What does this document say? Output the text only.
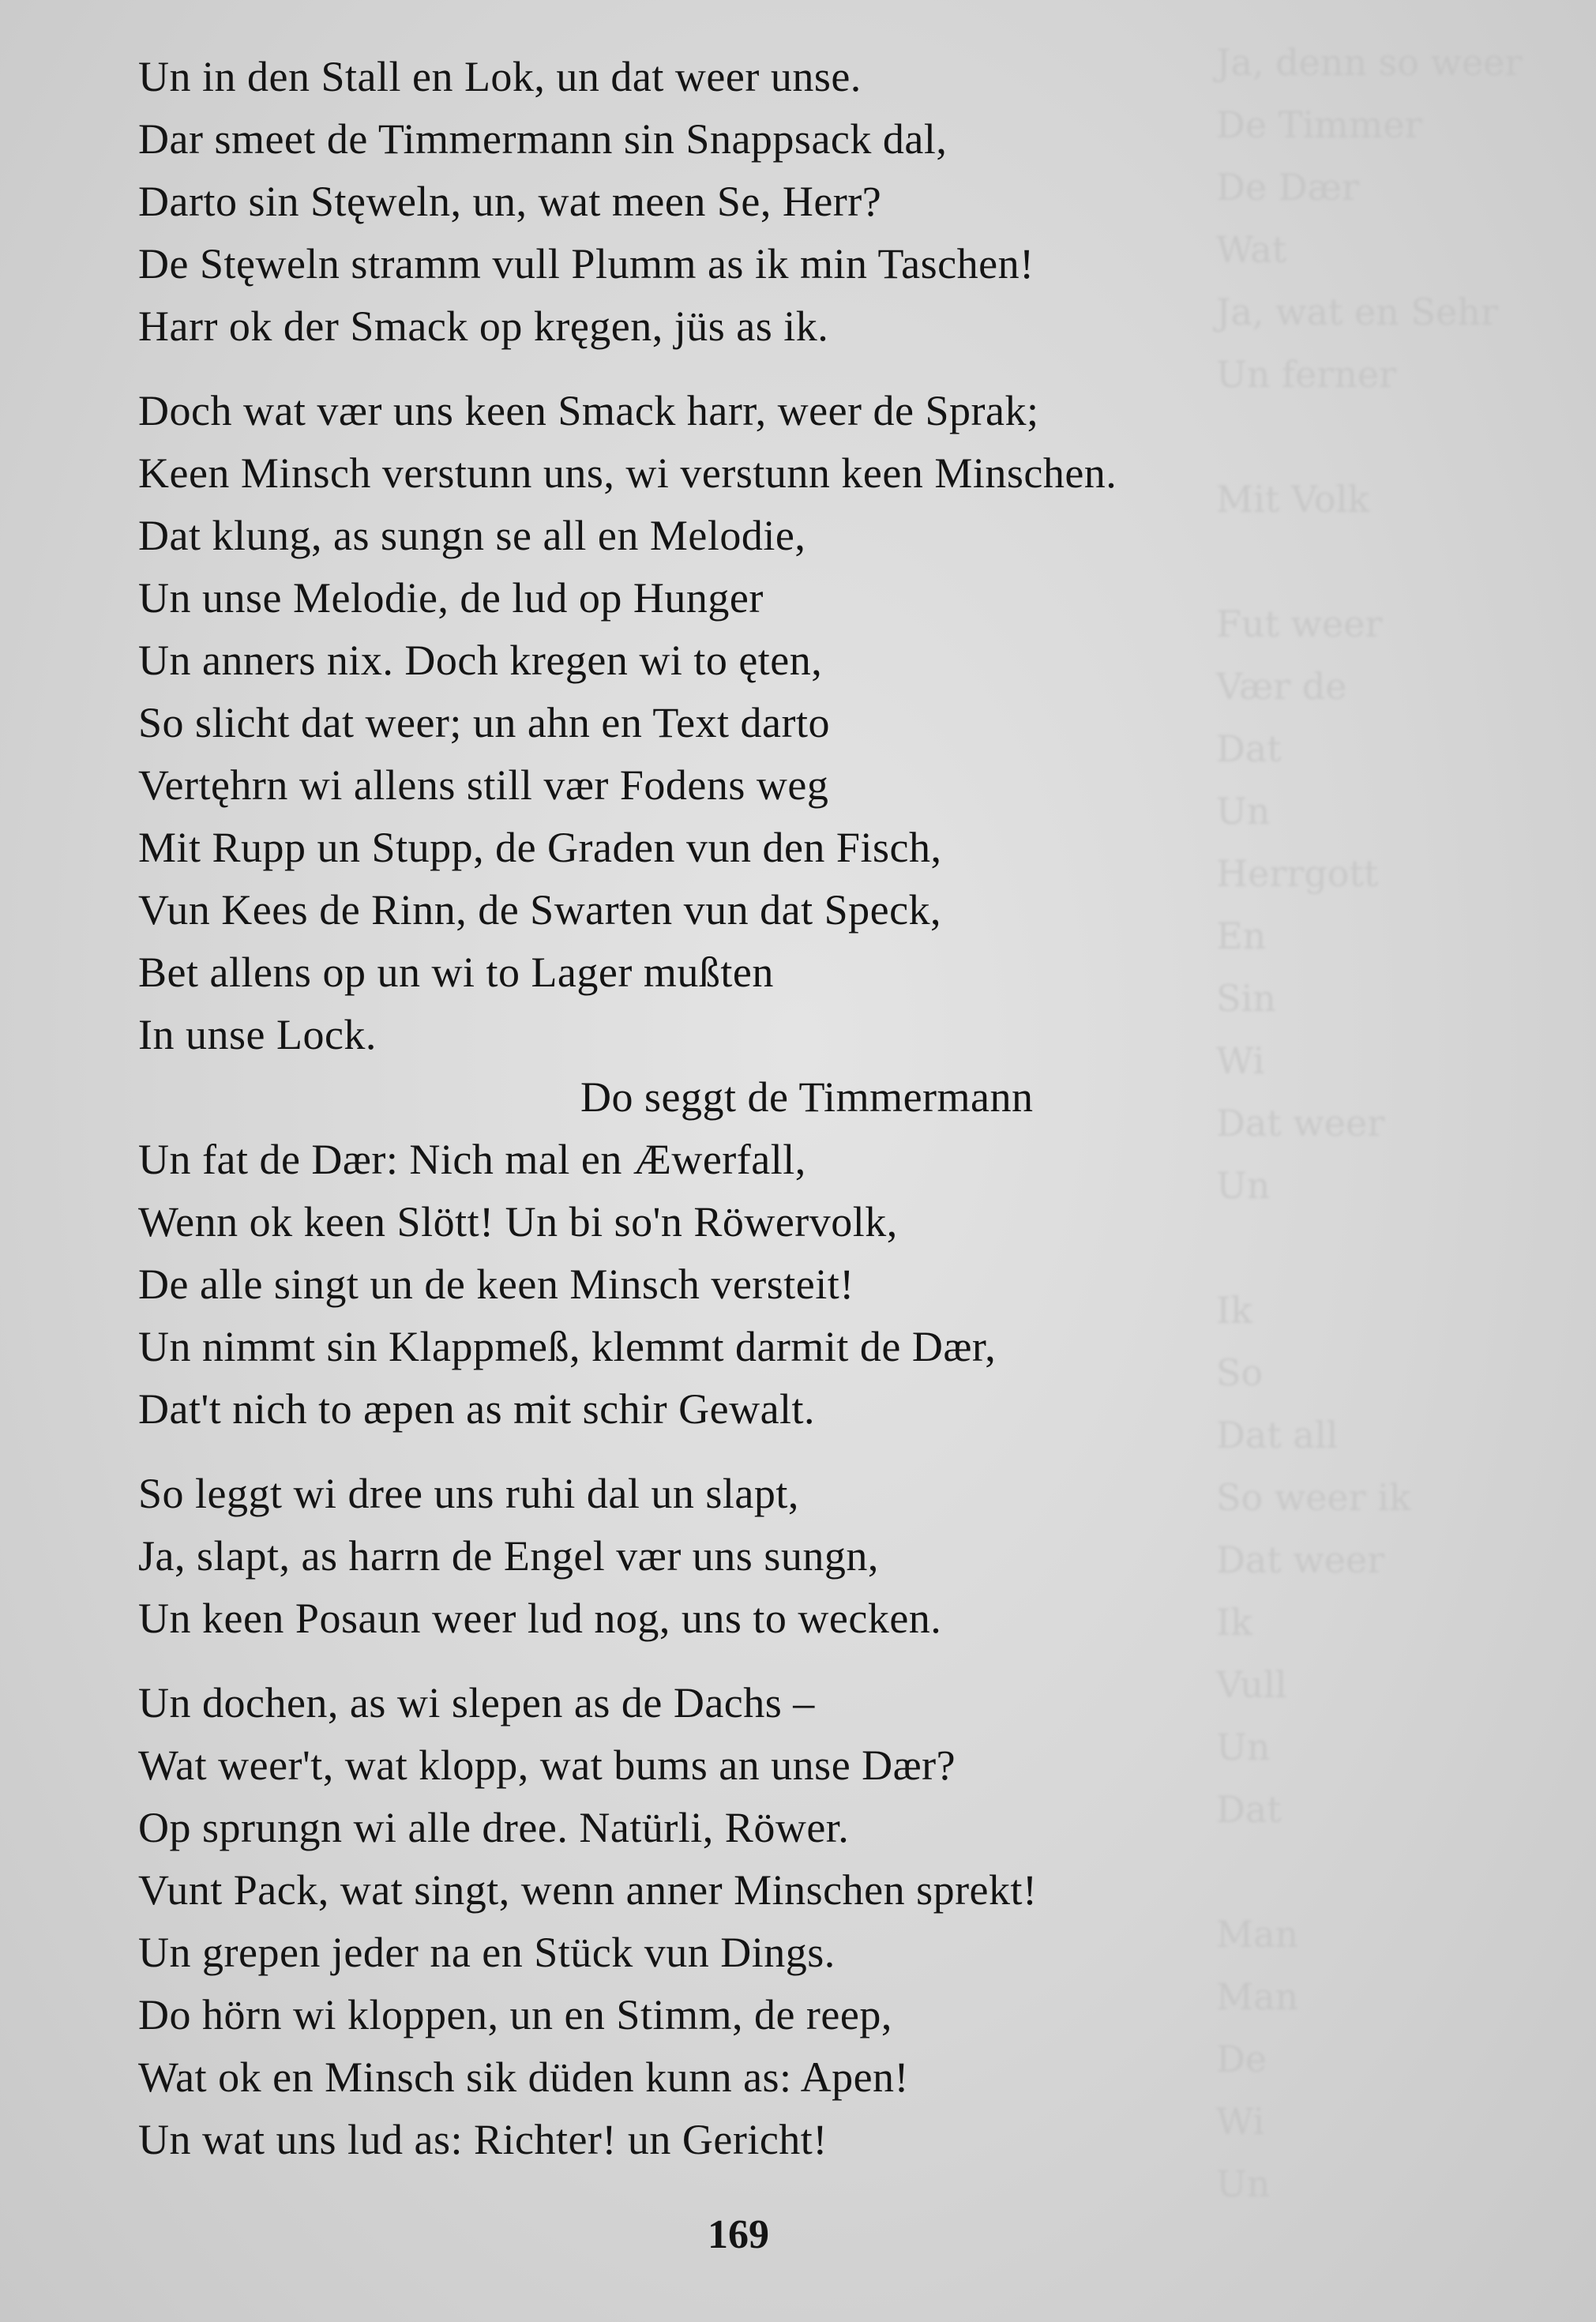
Ja, denn so weer
De Timmer
De Dær
Wat
Ja, wat en Sehr
Un ferner

Mit Volk

Fut weer
Vær de
Dat
Un
Herrgott
En
Sin
Wi
Dat weer
Un

Ik
So
Dat all
So weer ik
Dat weer
Ik
Vull
Un
Dat

Man
Man
De
Wi
Un
Un in den Stall en Lok, un dat weer unse.
Dar smeet de Timmermann sin Snappsack dal,
Darto sin Stęweln, un, wat meen Se, Herr?
De Stęweln stramm vull Plumm as ik min Taschen!
Harr ok der Smack op kręgen, jüs as ik.
Doch wat vær uns keen Smack harr, weer de Sprak;
Keen Minsch verstunn uns, wi verstunn keen Minschen.
Dat klung, as sungn se all en Melodie,
Un unse Melodie, de lud op Hunger
Un anners nix. Doch kregen wi to ęten,
So slicht dat weer; un ahn en Text darto
Vertęhrn wi allens still vær Fodens weg
Mit Rupp un Stupp, de Graden vun den Fisch,
Vun Kees de Rinn, de Swarten vun dat Speck,
Bet allens op un wi to Lager mußten
In unse Lock.
Do seggt de Timmermann
Un fat de Dær: Nich mal en Æwerfall,
Wenn ok keen Slött! Un bi so'n Röwervolk,
De alle singt un de keen Minsch versteit!
Un nimmt sin Klappmeß, klemmt darmit de Dær,
Dat't nich to æpen as mit schir Gewalt.
So leggt wi dree uns ruhi dal un slapt,
Ja, slapt, as harrn de Engel vær uns sungn,
Un keen Posaun weer lud nog, uns to wecken.
Un dochen, as wi slepen as de Dachs –
Wat weer't, wat klopp, wat bums an unse Dær?
Op sprungn wi alle dree. Natürli, Röwer.
Vunt Pack, wat singt, wenn anner Minschen sprekt!
Un grepen jeder na en Stück vun Dings.
Do hörn wi kloppen, un en Stimm, de reep,
Wat ok en Minsch sik düden kunn as: Apen!
Un wat uns lud as: Richter! un Gericht!
169
